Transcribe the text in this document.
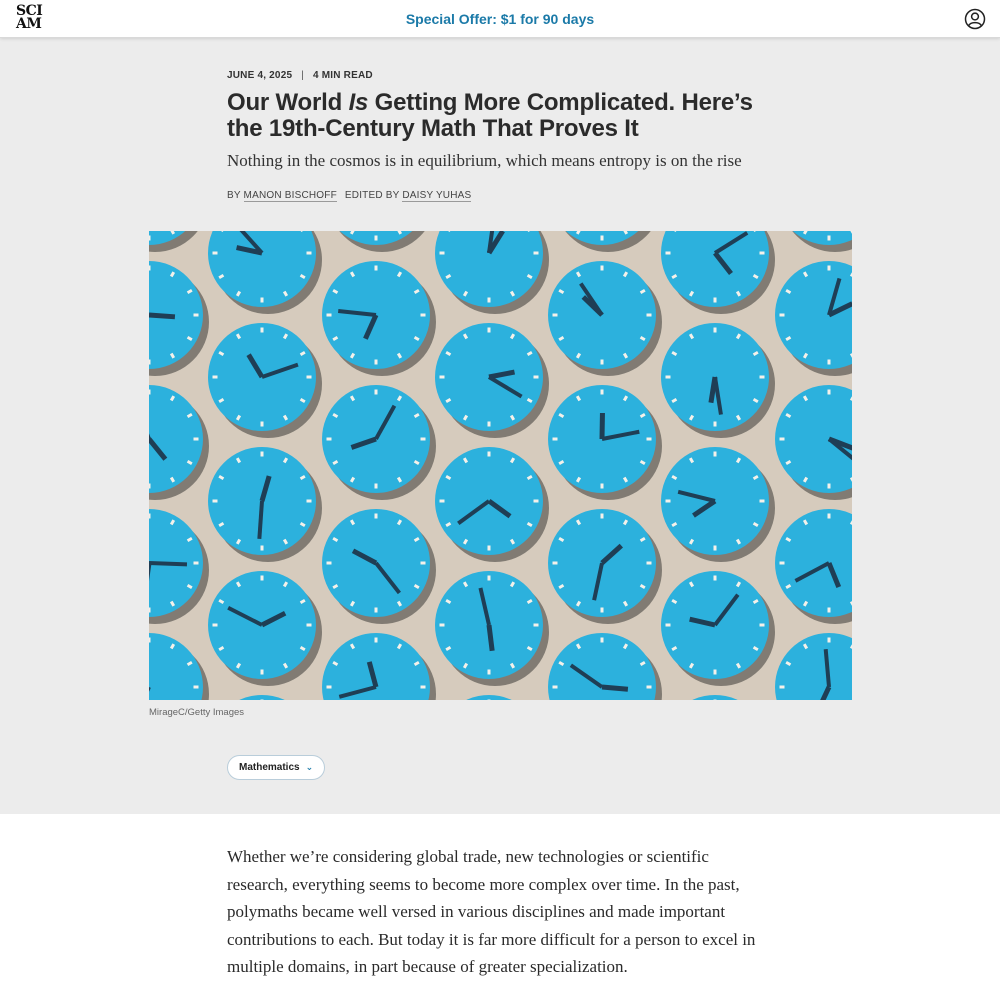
SCI
AM	Special Offer: $1 for 90 days
JUNE 4, 2025 | 4 MIN READ
Our World Is Getting More Complicated. Here’s the 19th-Century Math That Proves It

Nothing in the cosmos is in equilibrium, which means entropy is on the rise

BY MANON BISCHOFF EDITED BY DAISY YUHAS
MirageC/Getty Images
Mathematics ⌄

Whether we’re considering global trade, new technologies or scientific research, everything seems to become more complex over time. In the past, polymaths became well versed in various disciplines and made important contributions to each. But today it is far more difficult for a person to excel in multiple domains, in part because of greater specialization.
